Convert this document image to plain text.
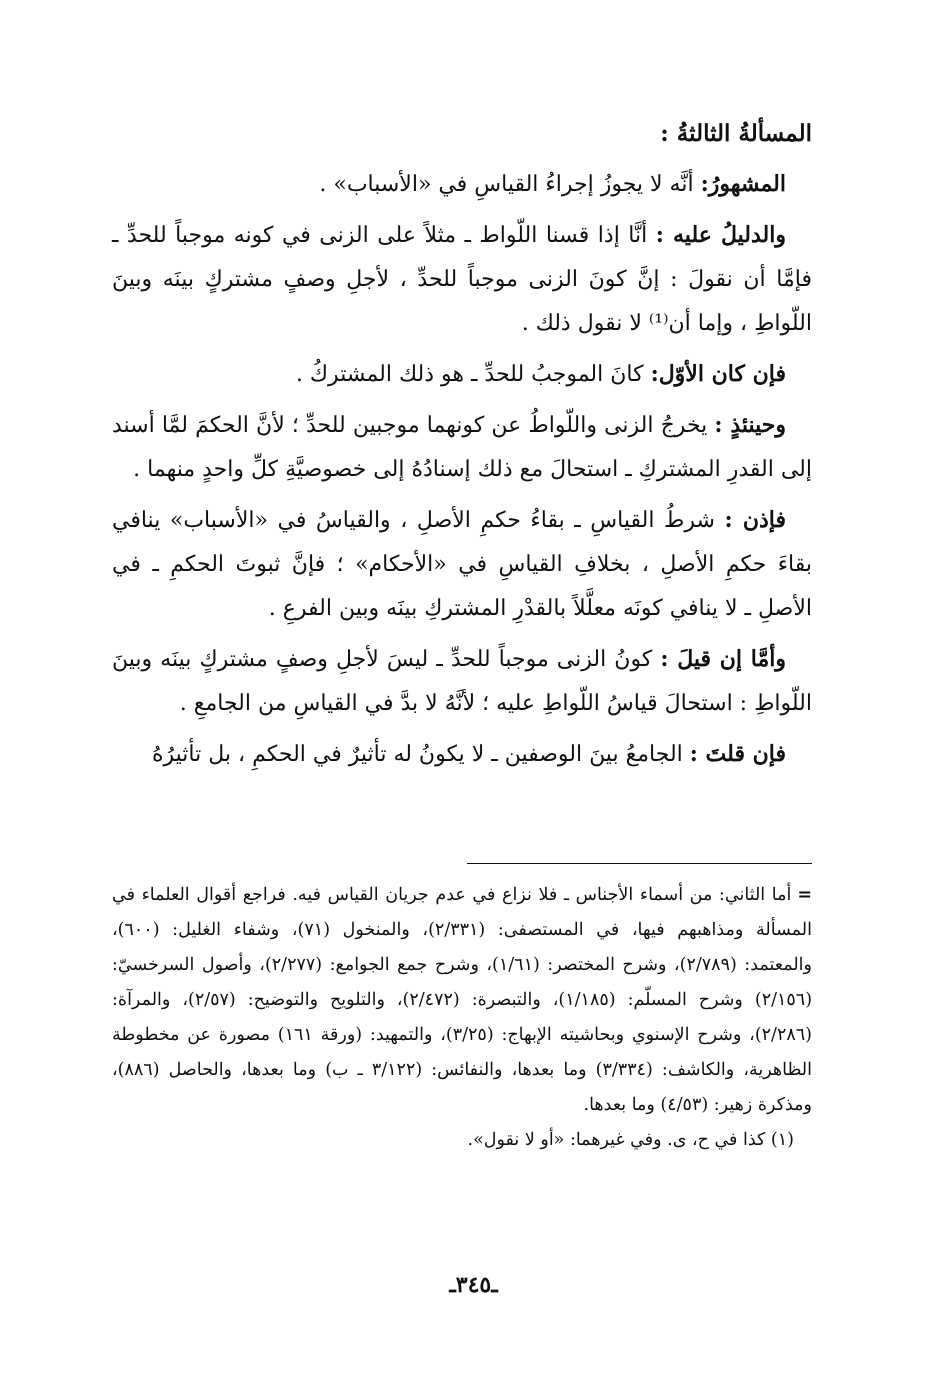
المسألةُ الثالثةُ :

المشهورُ: أنَّه لا يجوزُ إجراءُ القياسِ في «الأسباب» .

والدليلُ عليه : أنَّا إذا قسنا اللّواط ـ مثلاً على الزنى في كونه موجباً للحدِّ ـ فإمَّا أن نقولَ : إنَّ كونَ الزنى موجباً للحدِّ ، لأجلِ وصفٍ مشتركٍ بينَه وبينَ اللّواطِ ، وإما أن⁽¹⁾ لا نقول ذلك .

فإن كان الأوّل: كانَ الموجبُ للحدِّ ـ هو ذلك المشتركُ .

وحينئذٍ : يخرجُ الزنى واللّواطُ عن كونهما موجبين للحدِّ ؛ لأنَّ الحكمَ لمَّا أسند إلى القدرِ المشتركِ ـ استحالَ مع ذلك إسنادُهُ إلى خصوصيَّةِ كلِّ واحدٍ منهما .

فإذن : شرطُ القياسِ ـ بقاءُ حكمِ الأصلِ ، والقياسُ في «الأسباب» ينافي بقاءَ حكمِ الأصلِ ، بخلافِ القياسِ في «الأحكام» ؛ فإنَّ ثبوتَ الحكمِ ـ في الأصلِ ـ لا ينافي كونَه معلَّلاً بالقدْرِ المشتركِ بينَه وبين الفرعِ .

وأمَّا إن قيلَ : كونُ الزنى موجباً للحدِّ ـ ليسَ لأجلِ وصفٍ مشتركٍ بينَه وبينَ اللّواطِ : استحالَ قياسُ اللّواطِ عليه ؛ لأنَّهُ لا بدَّ في القياسِ من الجامعِ .

فإن قلتَ : الجامعُ بينَ الوصفين ـ لا يكونُ له تأثيرٌ في الحكمِ ، بل تأثيرُهُ

=أما الثاني: من أسماء الأجناس ـ فلا نزاع في عدم جريان القياس فيه. فراجع أقوال العلماء في المسألة ومذاهبهم فيها، في المستصفى: (٢/٣٣١)، والمنخول (٧١)، وشفاء الغليل: (٦٠٠)، والمعتمد: (٢/٧٨٩)، وشرح المختصر: (١/٦١)، وشرح جمع الجوامع: (٢/٢٧٧)، وأصول السرخسيّ: (٢/١٥٦) وشرح المسلّم: (١/١٨٥)، والتبصرة: (٢/٤٧٢)، والتلويح والتوضيح: (٢/٥٧)، والمرآة: (٢/٢٨٦)، وشرح الإسنوي وبحاشيته الإبهاج: (٣/٢٥)، والتمهيد: (ورقة ١٦١) مصورة عن مخطوطة الظاهرية، والكاشف: (٣/٣٣٤) وما بعدها، والنفائس: (٣/١٢٢ ـ ب) وما بعدها، والحاصل (٨٨٦)، ومذكرة زهير: (٤/٥٣) وما بعدها.

(١) كذا في ح، ى. وفي غيرهما: «أو لا نقول».

ـ٣٤٥ـ
